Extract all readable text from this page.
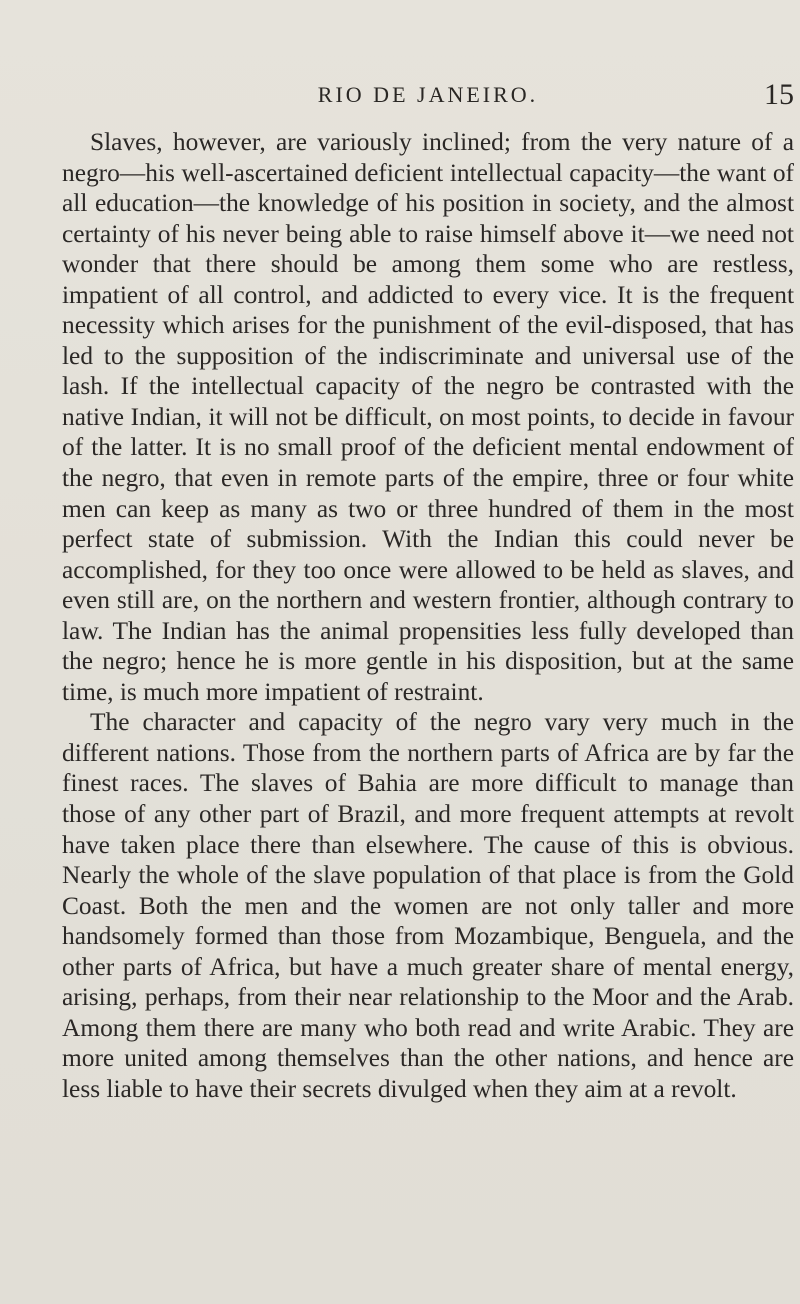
RIO DE JANEIRO.	15

Slaves, however, are variously inclined; from the very nature of a negro—his well-ascertained deficient intellectual capacity—the want of all education—the knowledge of his position in society, and the almost certainty of his never being able to raise himself above it—we need not wonder that there should be among them some who are restless, impatient of all control, and addicted to every vice. It is the frequent necessity which arises for the punishment of the evil-disposed, that has led to the supposition of the indiscriminate and universal use of the lash. If the intellectual capacity of the negro be contrasted with the native Indian, it will not be difficult, on most points, to decide in favour of the latter. It is no small proof of the deficient mental endowment of the negro, that even in remote parts of the empire, three or four white men can keep as many as two or three hundred of them in the most perfect state of submission. With the Indian this could never be accomplished, for they too once were allowed to be held as slaves, and even still are, on the northern and western frontier, although contrary to law. The Indian has the animal propensities less fully developed than the negro; hence he is more gentle in his disposition, but at the same time, is much more impatient of restraint.

The character and capacity of the negro vary very much in the different nations. Those from the northern parts of Africa are by far the finest races. The slaves of Bahia are more difficult to manage than those of any other part of Brazil, and more frequent attempts at revolt have taken place there than elsewhere. The cause of this is obvious. Nearly the whole of the slave population of that place is from the Gold Coast. Both the men and the women are not only taller and more handsomely formed than those from Mozambique, Benguela, and the other parts of Africa, but have a much greater share of mental energy, arising, perhaps, from their near relationship to the Moor and the Arab. Among them there are many who both read and write Arabic. They are more united among themselves than the other nations, and hence are less liable to have their secrets divulged when they aim at a revolt.
